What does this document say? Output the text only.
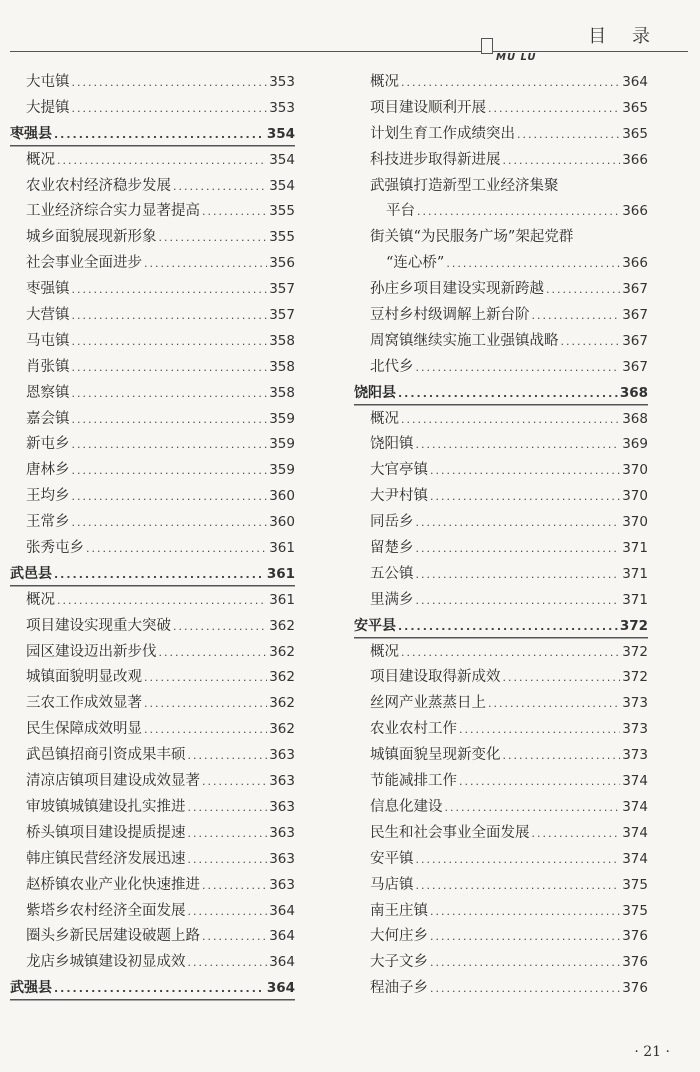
目 录
MU LU
大屯镇 .....	353
大提镇 .....	353
枣强县 .....	354
概况 .....	354
农业农村经济稳步发展 .....	354
工业经济综合实力显著提高 .....	355
城乡面貌展现新形象 .....	355
社会事业全面进步 .....	356
枣强镇 .....	357
大营镇 .....	357
马屯镇 .....	358
肖张镇 .....	358
恩察镇 .....	358
嘉会镇 .....	359
新屯乡 .....	359
唐林乡 .....	359
王均乡 .....	360
王常乡 .....	360
张秀屯乡 .....	361
武邑县 .....	361
概况 .....	361
项目建设实现重大突破 .....	362
园区建设迈出新步伐 .....	362
城镇面貌明显改观 .....	362
三农工作成效显著 .....	362
民生保障成效明显 .....	362
武邑镇招商引资成果丰硕 .....	363
清凉店镇项目建设成效显著 .....	363
审坡镇城镇建设扎实推进 .....	363
桥头镇项目建设提质提速 .....	363
韩庄镇民营经济发展迅速 .....	363
赵桥镇农业产业化快速推进 .....	363
紫塔乡农村经济全面发展 .....	364
圈头乡新民居建设破题上路 .....	364
龙店乡城镇建设初显成效 .....	364
武强县 .....	364
概况 .....	364
项目建设顺利开展 .....	365
计划生育工作成绩突出 .....	365
科技进步取得新进展 .....	366
武强镇打造新型工业经济集聚
平台 .....	366
街关镇“为民服务广场”架起党群
“连心桥” .....	366
孙庄乡项目建设实现新跨越 .....	367
豆村乡村级调解上新台阶 .....	367
周窝镇继续实施工业强镇战略 .....	367
北代乡 .....	367
饶阳县 .....	368
概况 .....	368
饶阳镇 .....	369
大官亭镇 .....	370
大尹村镇 .....	370
同岳乡 .....	370
留楚乡 .....	371
五公镇 .....	371
里满乡 .....	371
安平县 .....	372
概况 .....	372
项目建设取得新成效 .....	372
丝网产业蒸蒸日上 .....	373
农业农村工作 .....	373
城镇面貌呈现新变化 .....	373
节能减排工作 .....	374
信息化建设 .....	374
民生和社会事业全面发展 .....	374
安平镇 .....	374
马店镇 .....	375
南王庄镇 .....	375
大何庄乡 .....	376
大子文乡 .....	376
程油子乡 .....	376
· 21 ·
